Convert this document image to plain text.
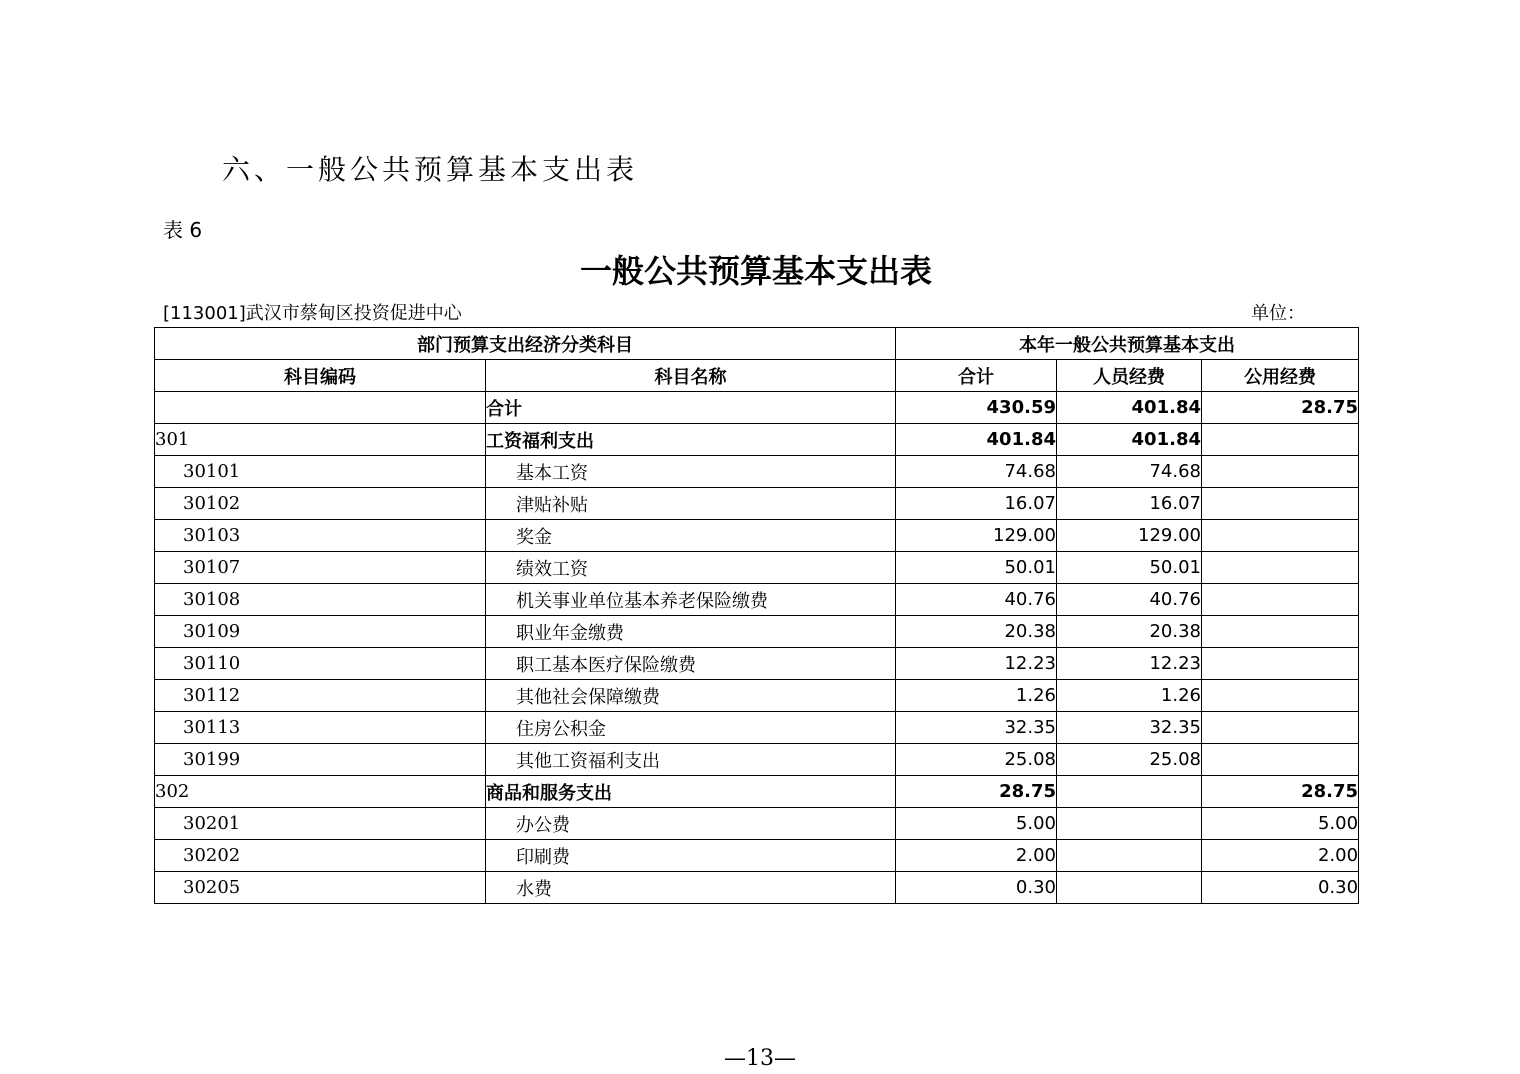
六、一般公共预算基本支出表
表 6
一般公共预算基本支出表
[113001]武汉市蔡甸区投资促进中心	单位：
部门预算支出经济分类科目		本年一般公共预算基本支出		
科目编码	科目名称	合计	人员经费	公用经费
	合计	430.59	401.84	28.75
301	工资福利支出	401.84	401.84	
30101	基本工资	74.68	74.68	
30102	津贴补贴	16.07	16.07	
30103	奖金	129.00	129.00	
30107	绩效工资	50.01	50.01	
30108	机关事业单位基本养老保险缴费	40.76	40.76	
30109	职业年金缴费	20.38	20.38	
30110	职工基本医疗保险缴费	12.23	12.23	
30112	其他社会保障缴费	1.26	1.26	
30113	住房公积金	32.35	32.35	
30199	其他工资福利支出	25.08	25.08	
302	商品和服务支出	28.75		28.75
30201	办公费	5.00		5.00
30202	印刷费	2.00		2.00
30205	水费	0.30		0.30
—13—
